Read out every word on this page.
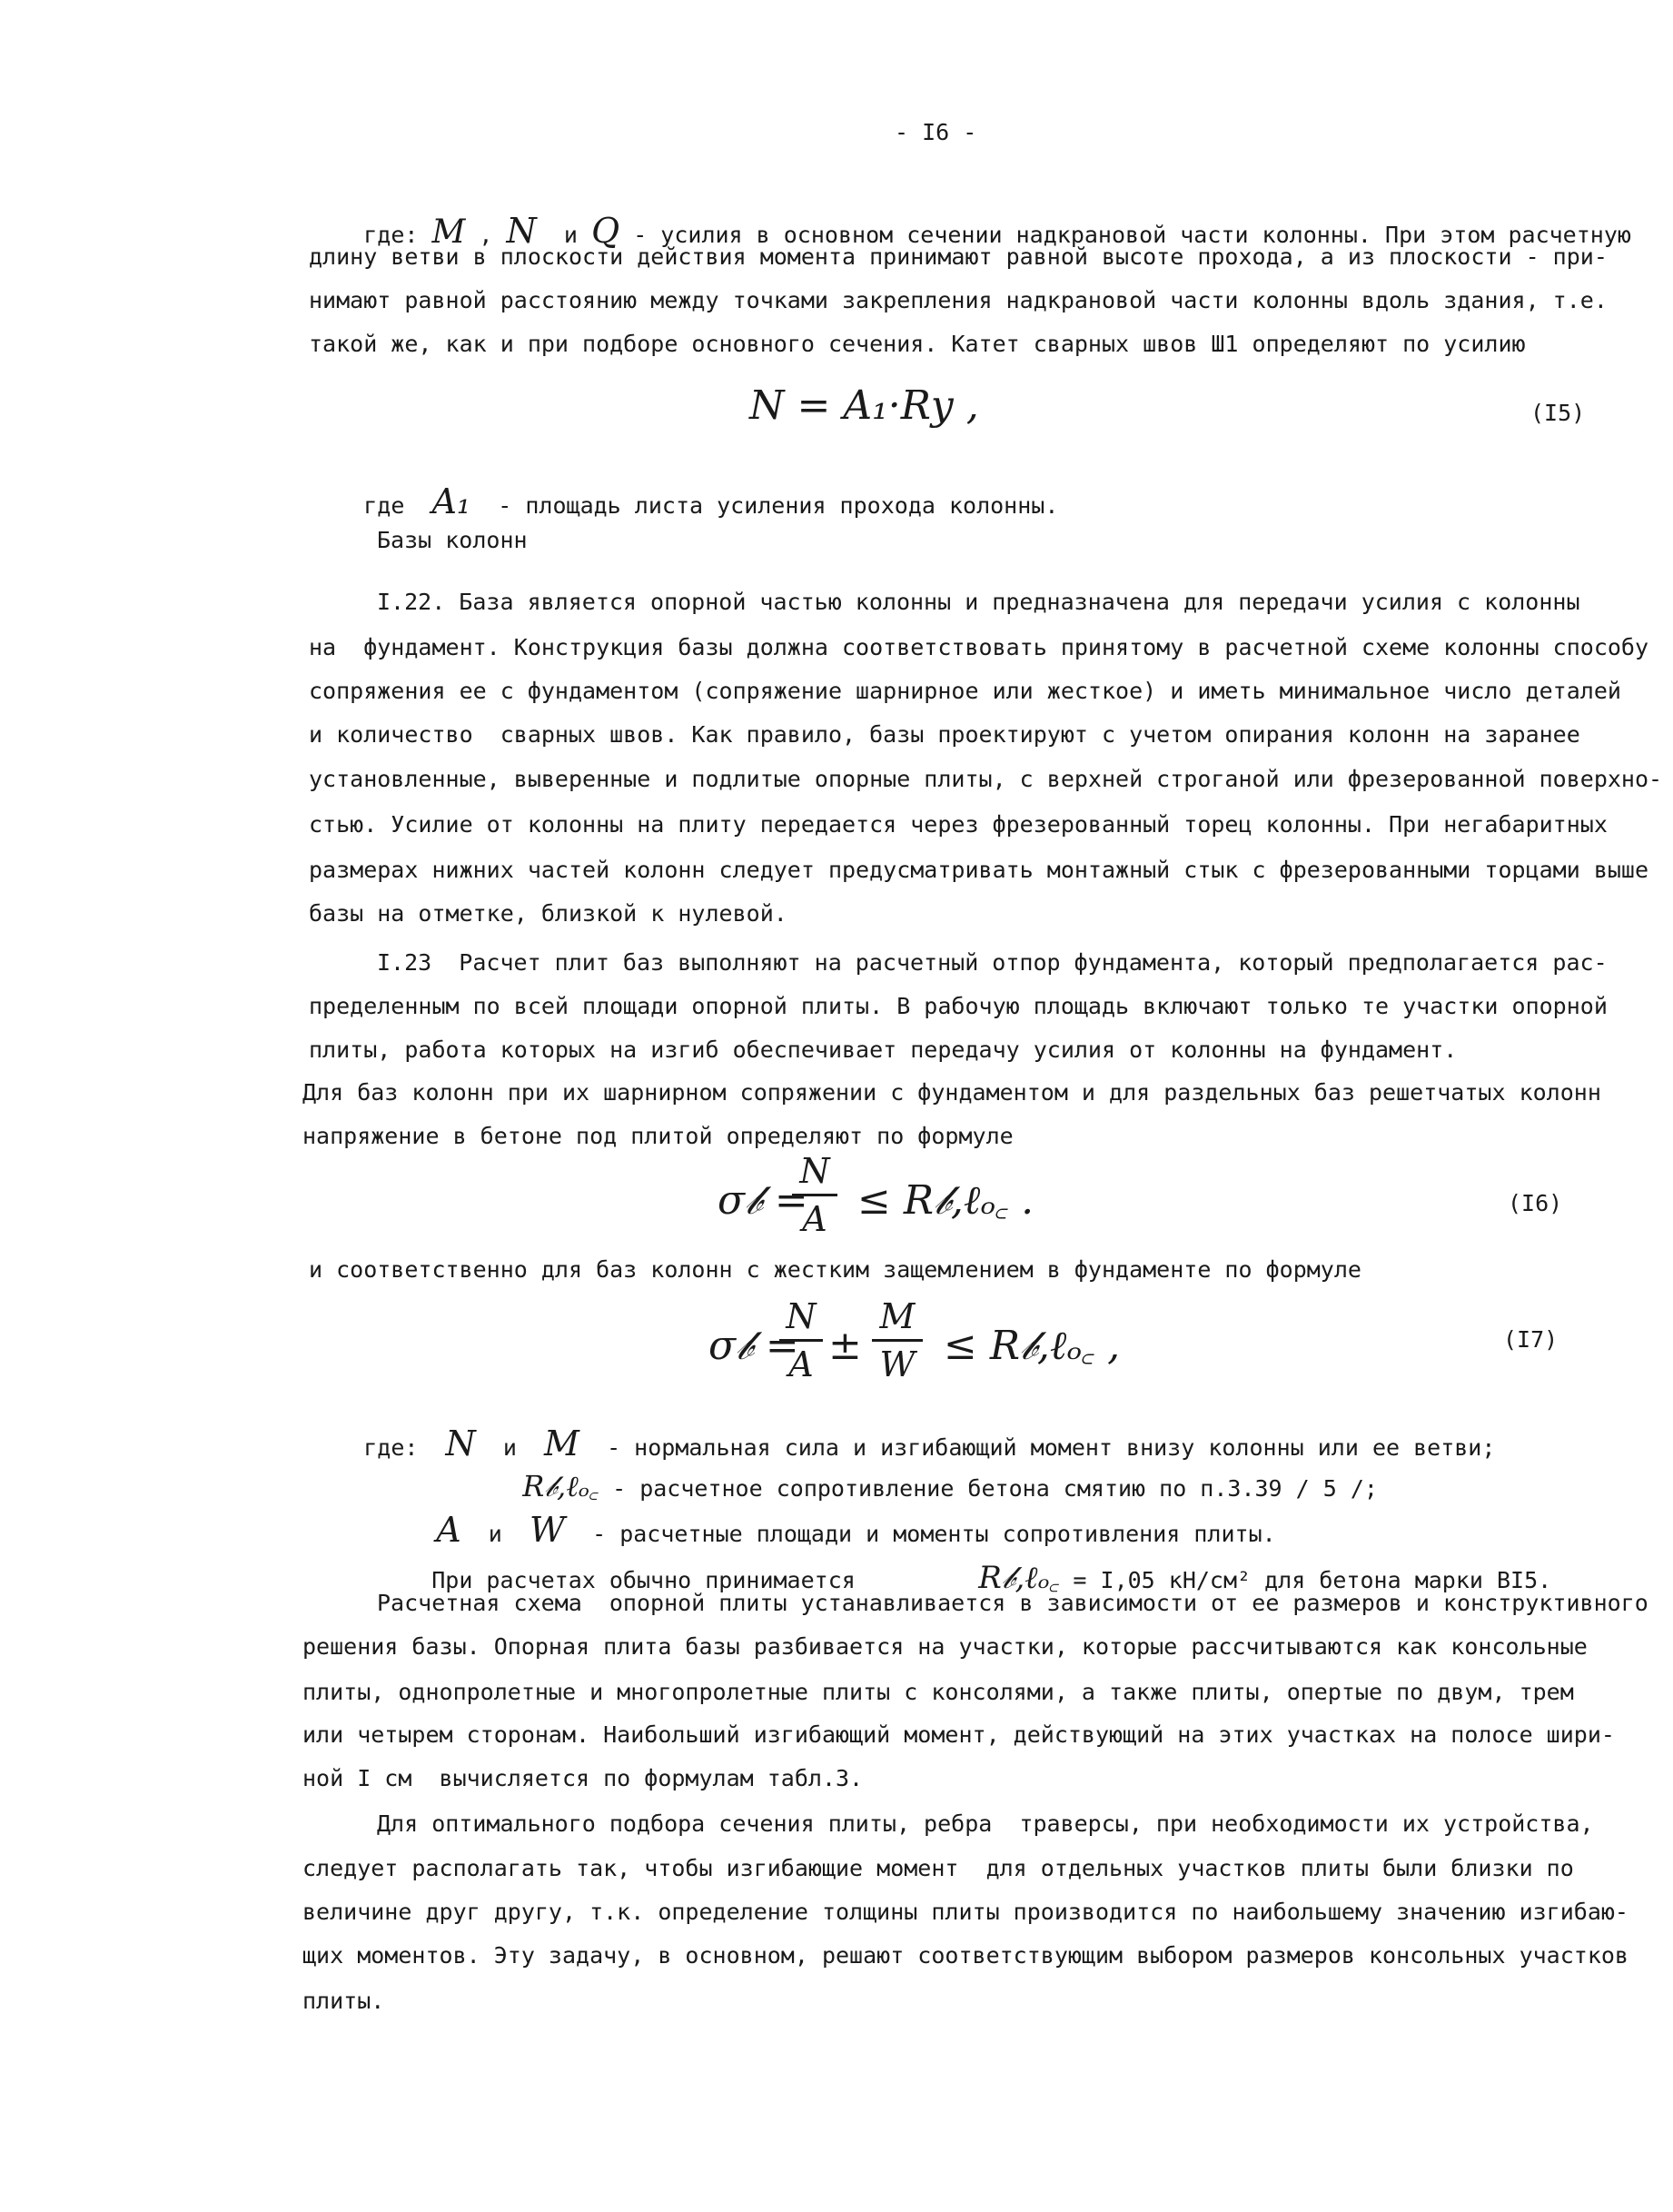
- I6 -

где: M , N  и Q - усилия в основном сечении надкрановой части колонны. При этом расчетную

длину ветви в плоскости действия момента принимают равной высоте прохода, а из плоскости - при-
нимают равной расстоянию между точками закрепления надкрановой части колонны вдоль здания, т.е.
такой же, как и при подборе основного сечения. Катет сварных швов Ш1 определяют по усилию
N = A₁·R𝑦 ,	(I5)

где  A₁  - площадь листа усиления прохода колонны.

Базы колонн
I.22. База является опорной частью колонны и предназначена для передачи усилия с колонны
на  фундамент. Конструкция базы должна соответствовать принятому в расчетной схеме колонны способу
сопряжения ее с фундаментом (сопряжение шарнирное или жесткое) и иметь минимальное число деталей
и количество  сварных швов. Как правило, базы проектируют с учетом опирания колонн на заранее
установленные, выверенные и подлитые опорные плиты, с верхней строганой или фрезерованной поверхно-
стью. Усилие от колонны на плиту передается через фрезерованный торец колонны. При негабаритных
размерах нижних частей колонн следует предусматривать монтажный стык с фрезерованными торцами выше
базы на отметке, близкой к нулевой.
I.23  Расчет плит баз выполняют на расчетный отпор фундамента, который предполагается рас-
пределенным по всей площади опорной плиты. В рабочую площадь включают только те участки опорной
плиты, работа которых на изгиб обеспечивает передачу усилия от колонны на фундамент.
Для баз колонн при их шарнирном сопряжении с фундаментом и для раздельных баз решетчатых колонн
напряжение в бетоне под плитой определяют по формуле
σ𝒷 =
N
A ≤ R𝒷,ℓₒ꜀ .	(I6)
и соответственно для баз колонн с жестким защемлением в фундаменте по формуле
σ𝒷 =
N
A ±
M
W ≤ R𝒷,ℓₒ꜀ ,	(I7)

где:  N  и  M  - нормальная сила и изгибающий момент внизу колонны или ее ветви;

R𝒷,ℓₒ꜀ - расчетное сопротивление бетона смятию по п.3.39 / 5 /;

A  и  W  - расчетные площади и моменты сопротивления плиты.

При расчетах обычно принимается         R𝒷,ℓₒ꜀ = I,05 кН/см² для бетона марки BI5.

Расчетная схема  опорной плиты устанавливается в зависимости от ее размеров и конструктивного
решения базы. Опорная плита базы разбивается на участки, которые рассчитываются как консольные
плиты, однопролетные и многопролетные плиты с консолями, а также плиты, опертые по двум, трем
или четырем сторонам. Наибольший изгибающий момент, действующий на этих участках на полосе шири-
ной I см  вычисляется по формулам табл.3.
Для оптимального подбора сечения плиты, ребра  траверсы, при необходимости их устройства,
следует располагать так, чтобы изгибающие момент  для отдельных участков плиты были близки по
величине друг другу, т.к. определение толщины плиты производится по наибольшему значению изгибаю-
щих моментов. Эту задачу, в основном, решают соответствующим выбором размеров консольных участков
плиты.
